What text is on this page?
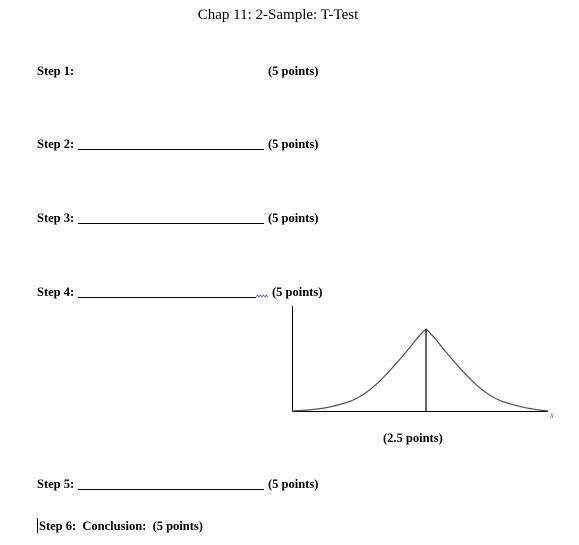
Chap 11: 2-Sample: T-Test
Step 1:	(5 points)
Step 2:	(5 points)
Step 3:	(5 points)
Step 4:	(5 points)
x
(2.5 points)
Step 5:	(5 points)
Step 6: Conclusion: (5 points)
